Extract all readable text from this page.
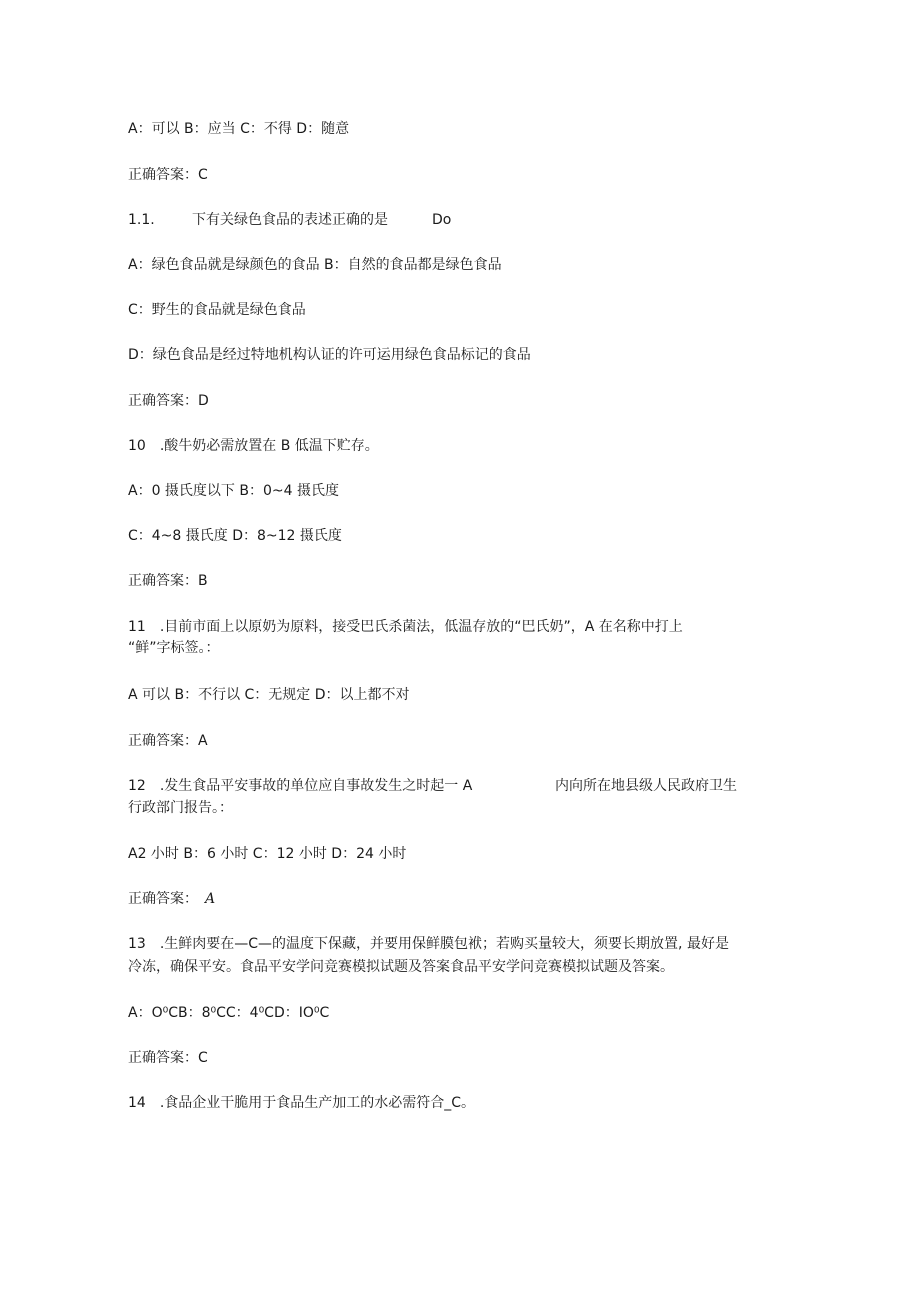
A：可以 B：应当 C：不得 D：随意
正确答案：C
1.1.	下有关绿色食品的表述正确的是	Do
A：绿色食品就是绿颜色的食品 B：自然的食品都是绿色食品
C：野生的食品就是绿色食品
D：绿色食品是经过特地机构认证的许可运用绿色食品标记的食品
正确答案：D
10　.酸牛奶必需放置在 B 低温下贮存。
A：0 摄氏度以下 B：0~4 摄氏度
C：4~8 摄氏度 D：8~12 摄氏度
正确答案：B
11　.目前市面上以原奶为原料，接受巴氏杀菌法，低温存放的“巴氏奶”，A 在名称中打上
“鲜”字标签。：
A 可以 B：不行以 C：无规定 D：以上都不对
正确答案：A
12　.发生食品平安事故的单位应自事故发生之时起一 A	内向所在地县级人民政府卫生
行政部门报告。：
A2 小时 B：6 小时 C：12 小时 D：24 小时
正确答案： A
13　.生鲜肉要在—C—的温度下保藏，并要用保鲜膜包袱；若购买量较大，须要长期放置, 最好是
冷冻，确保平安。食品平安学问竞赛模拟试题及答案食品平安学问竞赛模拟试题及答案。
A：O⁰CB：8⁰CC：4⁰CD：IO⁰C
正确答案：C
14　.食品企业干脆用于食品生产加工的水必需符合_C。
